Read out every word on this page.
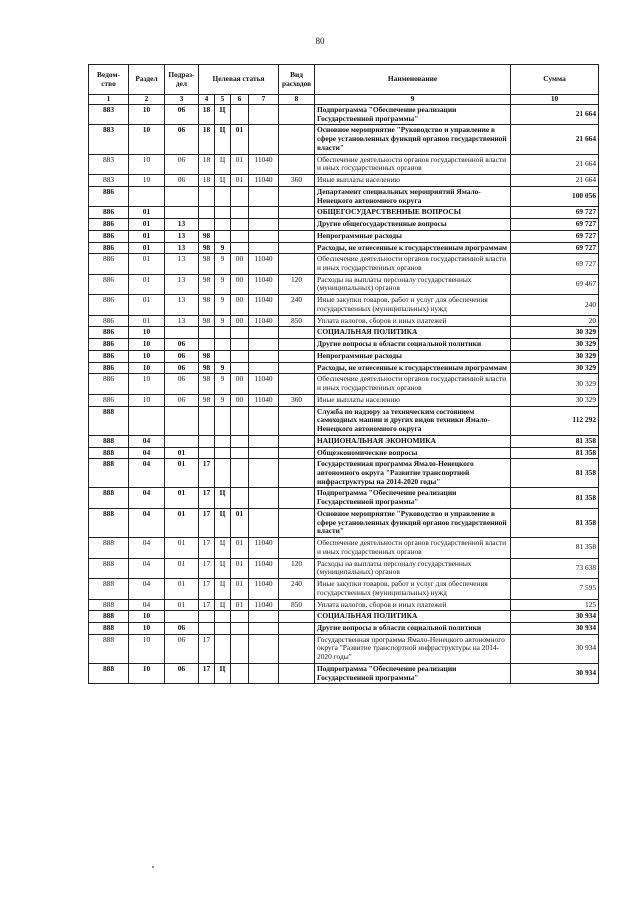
80
Ведом-ство	Раздел	Подраз-дел	Целевая статья				Вид расходов	Наименование	Сумма
1	2	3	4	5	6	7	8	9	10
883	10	06	18	Ц				Подпрограмма "Обеспечение реализации Государственной программы"	21 664
883	10	06	18	Ц	01			Основное мероприятие "Руководство и управление в сфере установленных функций органов государственной власти"	21 664
883	10	06	18	Ц	01	11040		Обеспечение деятельности органов государственной власти и иных государственных органов	21 664
883	10	06	18	Ц	01	11040	360	Иные выплаты населению	21 664
886								Департамент специальных мероприятий Ямало-Ненецкого автономного округа	100 056
886	01							ОБЩЕГОСУДАРСТВЕННЫЕ ВОПРОСЫ	69 727
886	01	13						Другие общегосударственные вопросы	69 727
886	01	13	98					Непрограммные расходы	69 727
886	01	13	98	9				Расходы, не отнесенные к государственным программам	69 727
886	01	13	98	9	00	11040		Обеспечение деятельности органов государственной власти и иных государственных органов	69 727
886	01	13	98	9	00	11040	120	Расходы на выплаты персоналу государственных (муниципальных) органов	69 467
886	01	13	98	9	00	11040	240	Иные закупки товаров, работ и услуг для обеспечения государственных (муниципальных) нужд	240
886	01	13	98	9	00	11040	850	Уплата налогов, сборов и иных платежей	20
886	10							СОЦИАЛЬНАЯ ПОЛИТИКА	30 329
886	10	06						Другие вопросы в области социальной политики	30 329
886	10	06	98					Непрограммные расходы	30 329
886	10	06	98	9				Расходы, не отнесенные к государственным программам	30 329
886	10	06	98	9	00	11040		Обеспечение деятельности органов государственной власти и иных государственных органов	30 329
886	10	06	98	9	00	11040	360	Иные выплаты населению	30 329
888								Служба по надзору за техническим состоянием самоходных машин и других видов техники Ямало-Ненецкого автономного округа	112 292
888	04							НАЦИОНАЛЬНАЯ ЭКОНОМИКА	81 358
888	04	01						Общеэкономические вопросы	81 358
888	04	01	17					Государственная программа Ямало-Ненецкого автономного округа "Развитие транспортной инфраструктуры на 2014-2020 годы"	81 358
888	04	01	17	Ц				Подпрограмма "Обеспечение реализации Государственной программы"	81 358
888	04	01	17	Ц	01			Основное мероприятие "Руководство и управление в сфере установленных функций органов государственной власти"	81 358
888	04	01	17	Ц	01	11040		Обеспечение деятельности органов государственной власти и иных государственных органов	81 358
888	04	01	17	Ц	01	11040	120	Расходы на выплаты персоналу государственных (муниципальных) органов	73 638
888	04	01	17	Ц	01	11040	240	Иные закупки товаров, работ и услуг для обеспечения государственных (муниципальных) нужд	7 595
888	04	01	17	Ц	01	11040	850	Уплата налогов, сборов и иных платежей	125
888	10							СОЦИАЛЬНАЯ ПОЛИТИКА	30 934
888	10	06						Другие вопросы в области социальной политики	30 934
888	10	06	17					Государственная программа Ямало-Ненецкого автономного округа "Развитие транспортной инфраструктуры на 2014-2020 годы"	30 934
888	10	06	17	Ц				Подпрограмма "Обеспечение реализации Государственной программы"	30 934
